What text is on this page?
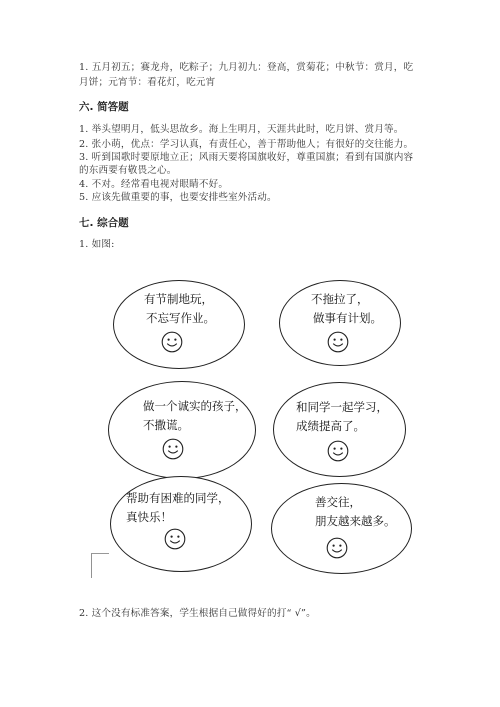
1. 五月初五；赛龙舟，吃粽子；九月初九：登高，赏菊花；中秋节：赏月，吃
月饼；元宵节：看花灯，吃元宵
六. 简答题
1. 举头望明月，低头思故乡。海上生明月，天涯共此时，吃月饼、赏月等。
2. 张小萌，优点：学习认真，有责任心，善于帮助他人；有很好的交往能力。
3. 听到国歌时要原地立正；风雨天要将国旗收好，尊重国旗；看到有国旗内容
的东西要有敬畏之心。
4. 不对。经常看电视对眼睛不好。
5. 应该先做重要的事，也要安排些室外活动。
七. 综合题
1. 如图:
有节制地玩，
不忘写作业。
不拖拉了，
做事有计划。
做一个诚实的孩子，
不撒谎。
和同学一起学习，
成绩提高了。
帮助有困难的同学，
真快乐！
善交往，
朋友越来越多。
2. 这个没有标准答案，学生根据自己做得好的打“ √”。
